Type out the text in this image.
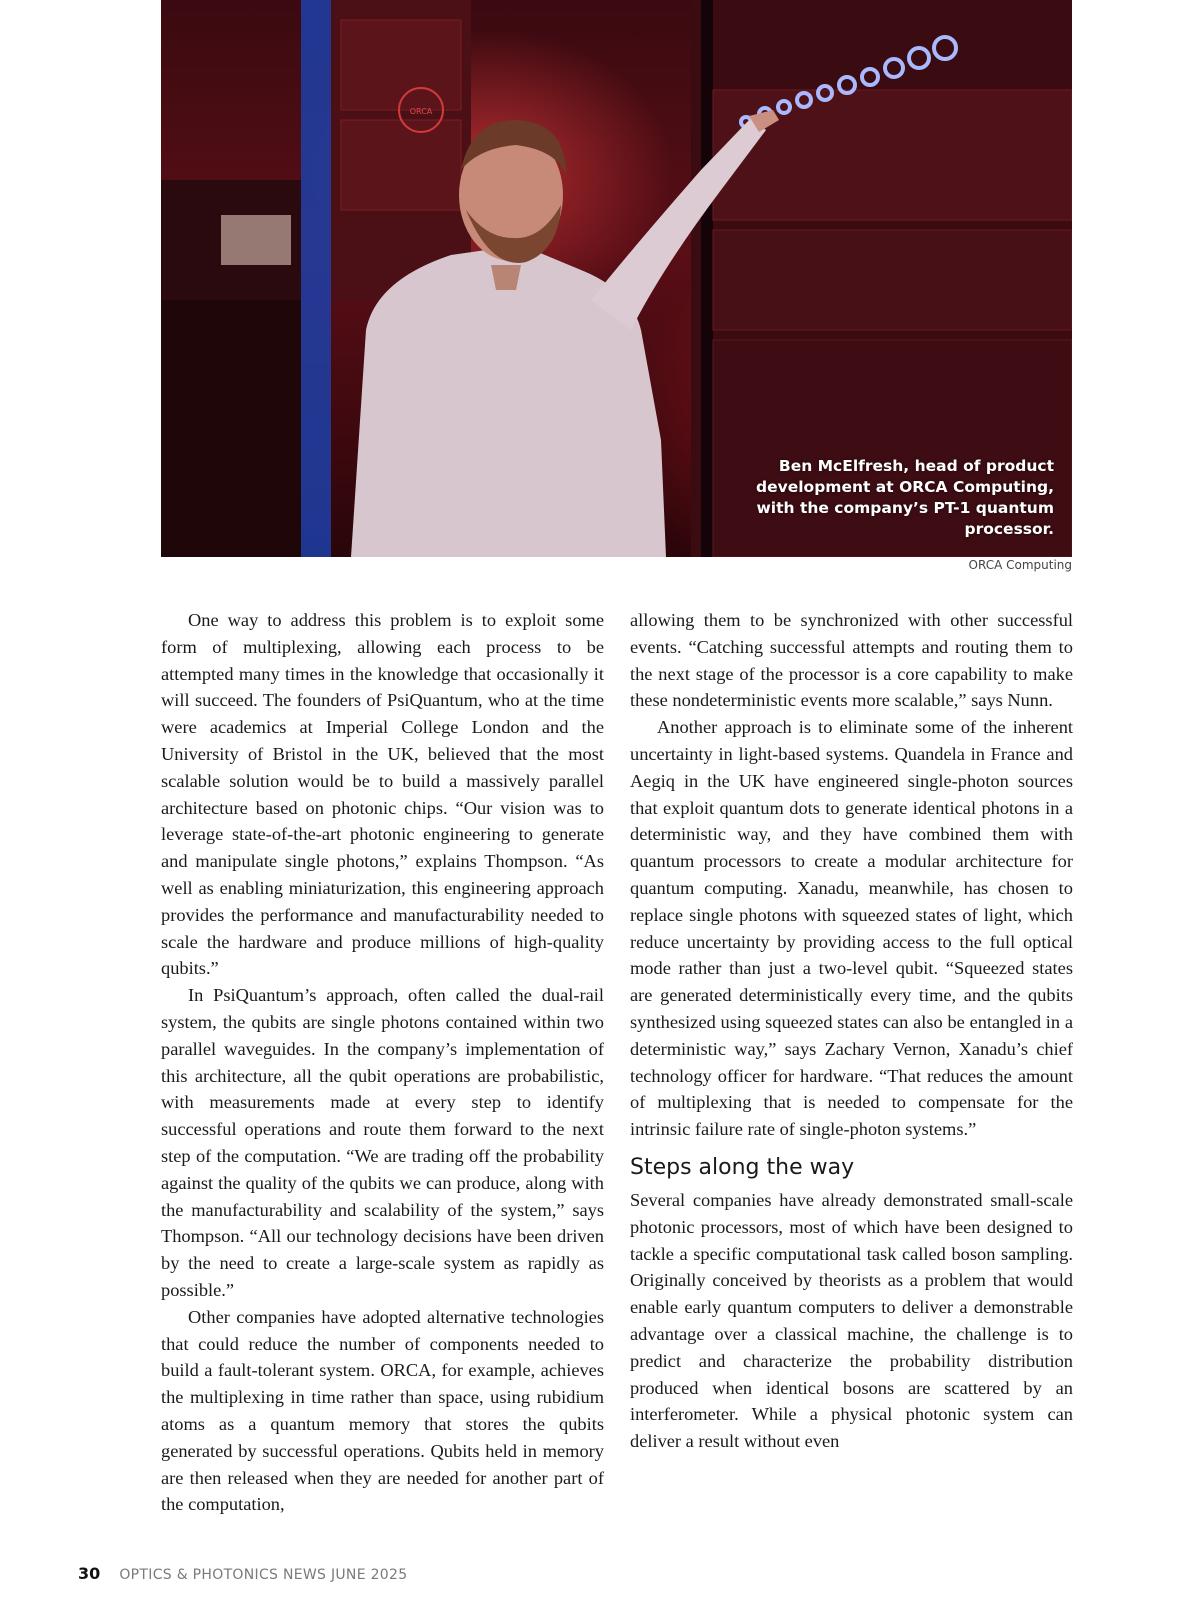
ORCA
Ben McElfresh, head of product development at ORCA Computing, with the company’s PT-1 quantum processor.
ORCA Computing

One way to address this problem is to exploit some form of multiplexing, allowing each process to be attempted many times in the knowledge that occasionally it will succeed. The founders of PsiQuantum, who at the time were academics at Imperial College London and the University of Bristol in the UK, believed that the most scalable solution would be to build a massively parallel architecture based on photonic chips. “Our vision was to leverage state-of-the-art photonic engineering to generate and manipulate single photons,” explains Thompson. “As well as enabling miniaturization, this engineering approach provides the performance and manufacturability needed to scale the hardware and produce millions of high-quality qubits.”

In PsiQuantum’s approach, often called the dual-rail system, the qubits are single photons contained within two parallel waveguides. In the company’s implementation of this architecture, all the qubit operations are probabilistic, with measurements made at every step to identify successful operations and route them forward to the next step of the computation. “We are trading off the probability against the quality of the qubits we can produce, along with the manufacturability and scalability of the system,” says Thompson. “All our technology decisions have been driven by the need to create a large-scale system as rapidly as possible.”

Other companies have adopted alternative technologies that could reduce the number of components needed to build a fault-tolerant system. ORCA, for example, achieves the multiplexing in time rather than space, using rubidium atoms as a quantum memory that stores the qubits generated by successful operations. Qubits held in memory are then released when they are needed for another part of the computation,

allowing them to be synchronized with other successful events. “Catching successful attempts and routing them to the next stage of the processor is a core capability to make these nondeterministic events more scalable,” says Nunn.

Another approach is to eliminate some of the inherent uncertainty in light-based systems. Quandela in France and Aegiq in the UK have engineered single-photon sources that exploit quantum dots to generate identical photons in a deterministic way, and they have combined them with quantum processors to create a modular architecture for quantum computing. Xanadu, meanwhile, has chosen to replace single photons with squeezed states of light, which reduce uncertainty by providing access to the full optical mode rather than just a two-level qubit. “Squeezed states are generated deterministically every time, and the qubits synthesized using squeezed states can also be entangled in a deterministic way,” says Zachary Vernon, Xanadu’s chief technology officer for hardware. “That reduces the amount of multiplexing that is needed to compensate for the intrinsic failure rate of single-photon systems.”

Steps along the way

Several companies have already demonstrated small-scale photonic processors, most of which have been designed to tackle a specific computational task called boson sampling. Originally conceived by theorists as a problem that would enable early quantum computers to deliver a demonstrable advantage over a classical machine, the challenge is to predict and characterize the probability distribution produced when identical bosons are scattered by an interferometer. While a physical photonic system can deliver a result without even

30 OPTICS & PHOTONICS NEWS JUNE 2025
